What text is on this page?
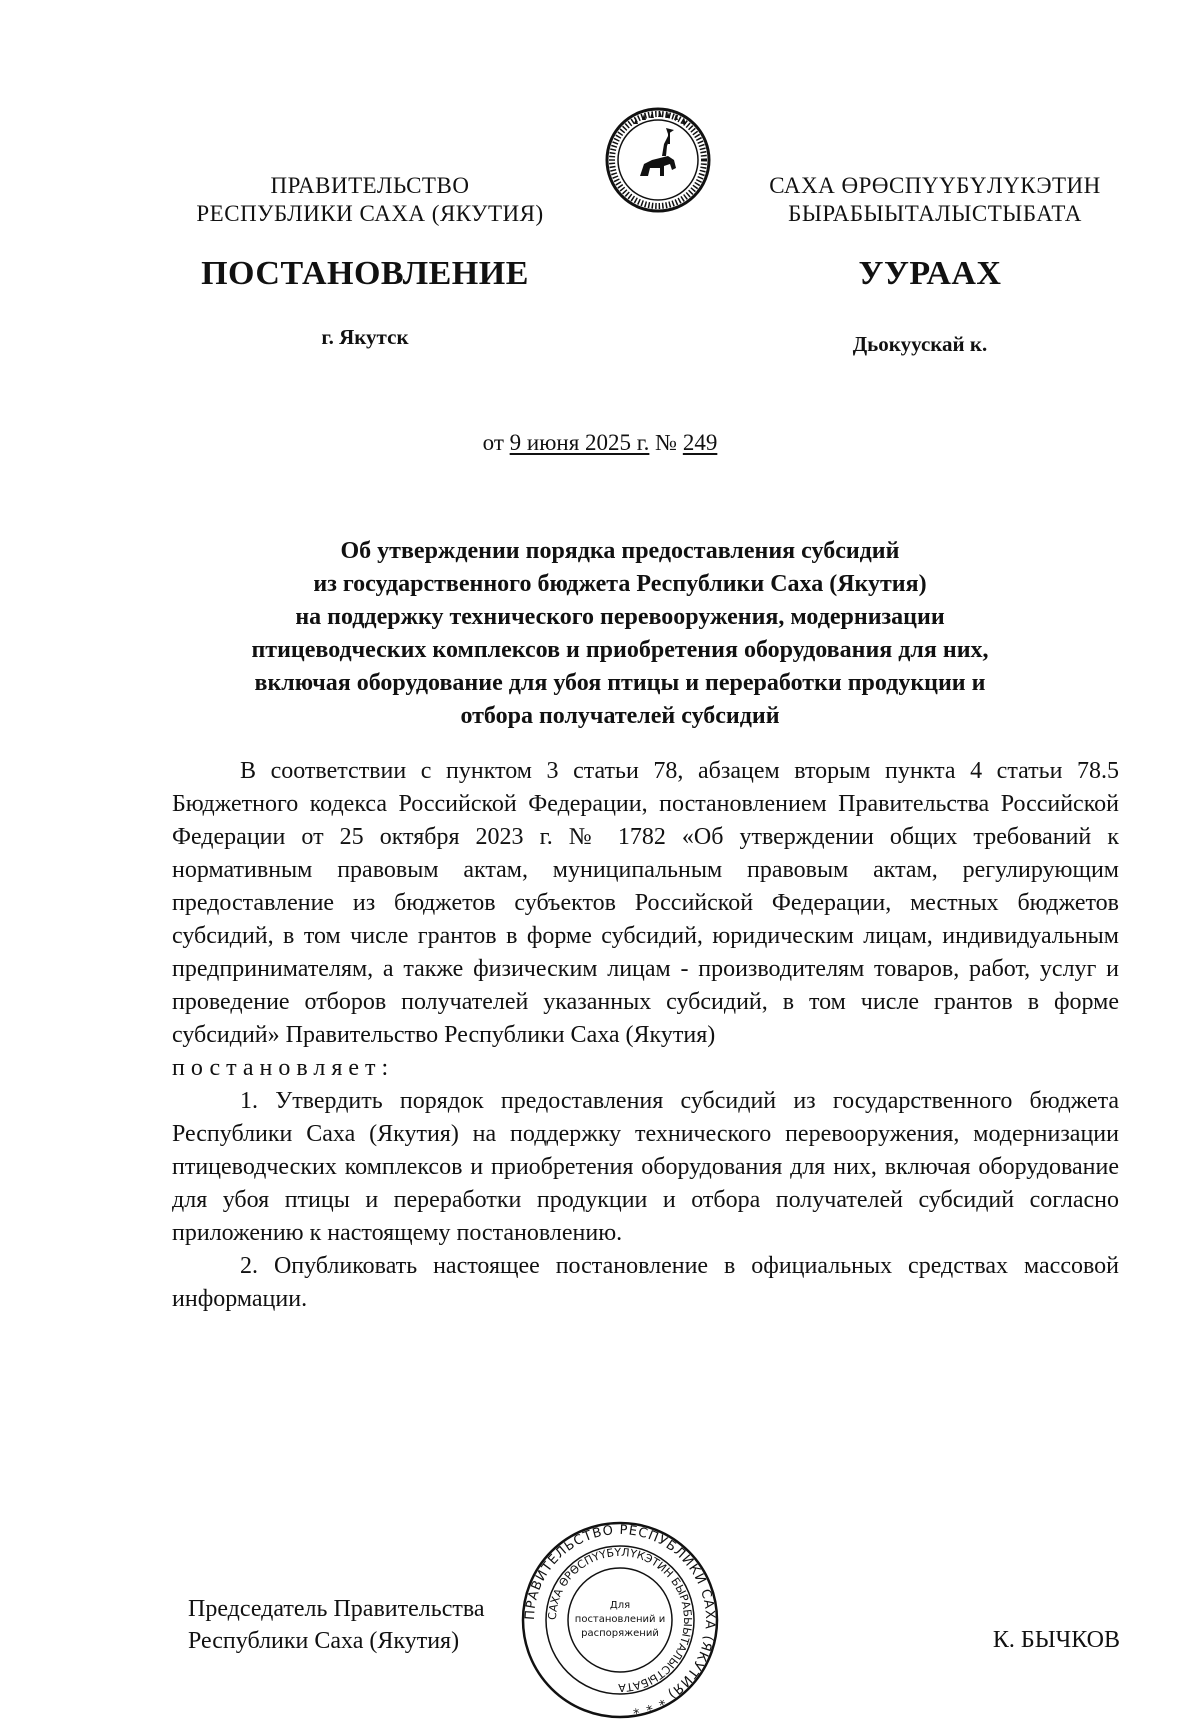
ПРАВИТЕЛЬСТВО
РЕСПУБЛИКИ САХА (ЯКУТИЯ)
САХА ӨРӨСПҮҮБҮЛҮКЭТИН
БЫРАБЫЫТАЛЫСТЫБАТА
ПОСТАНОВЛЕНИЕ	УУРААХ
г. Якутск	Дьокуускай к.
от 9 июня 2025 г. № 249
Об утверждении порядка предоставления субсидий
из государственного бюджета Республики Саха (Якутия)
на поддержку технического перевооружения, модернизации
птицеводческих комплексов и приобретения оборудования для них,
включая оборудование для убоя птицы и переработки продукции и
отбора получателей субсидий

В соответствии с пунктом 3 статьи 78, абзацем вторым пункта 4 статьи 78.5 Бюджетного кодекса Российской Федерации, постановлением Правительства Российской Федерации от 25 октября 2023 г. № 1782 «Об утверждении общих требований к нормативным правовым актам, муниципальным правовым актам, регулирующим предоставление из бюджетов субъектов Российской Федерации, местных бюджетов субсидий, в том числе грантов в форме субсидий, юридическим лицам, индивидуальным предпринимателям, а также физическим лицам - производителям товаров, работ, услуг и проведение отборов получателей указанных субсидий, в том числе грантов в форме субсидий» Правительство Республики Саха (Якутия)
постановляет:

1. Утвердить порядок предоставления субсидий из государственного бюджета Республики Саха (Якутия) на поддержку технического перевооружения, модернизации птицеводческих комплексов и приобретения оборудования для них, включая оборудование для убоя птицы и переработки продукции и отбора получателей субсидий согласно приложению к настоящему постановлению.

2. Опубликовать настоящее постановление в официальных средствах массовой информации.

Председатель Правительства
Республики Саха (Якутия)	К. БЫЧКОВ
ПРАВИТЕЛЬСТВО РЕСПУБЛИКИ САХА (ЯКУТИЯ) * * *
САХА ӨРӨСПҮҮБҮЛҮКЭТИН БЫРАБЫЫТАЛЫСТЫБАТА
Для
постановлений и
распоряжений
